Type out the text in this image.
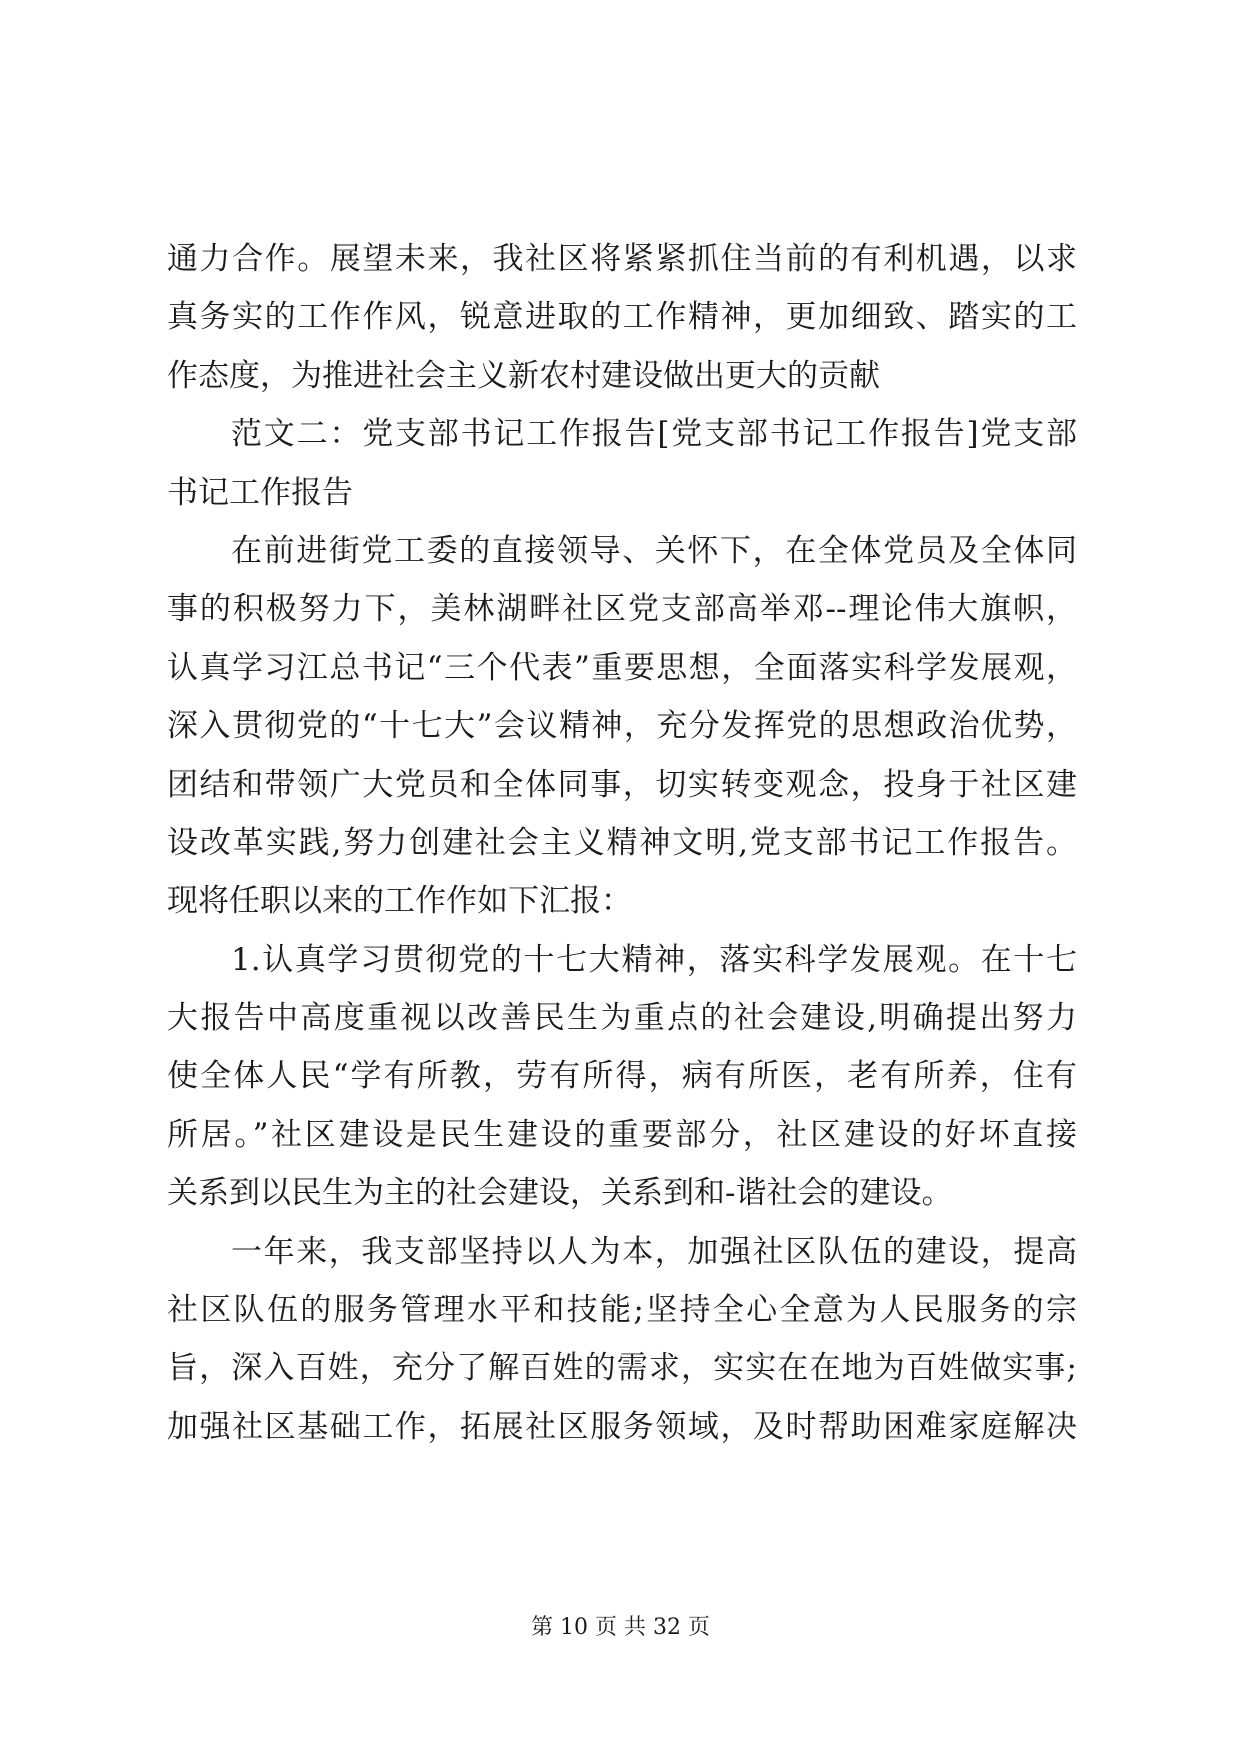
通力合作。展望未来，我社区将紧紧抓住当前的有利机遇，以求
真务实的工作作风，锐意进取的工作精神，更加细致、踏实的工
作态度，为推进社会主义新农村建设做出更大的贡献
范文二：党支部书记工作报告[党支部书记工作报告]党支部
书记工作报告
在前进街党工委的直接领导、关怀下，在全体党员及全体同
事的积极努力下，美林湖畔社区党支部高举邓--理论伟大旗帜，
认真学习江总书记“三个代表”重要思想，全面落实科学发展观，
深入贯彻党的“十七大”会议精神，充分发挥党的思想政治优势，
团结和带领广大党员和全体同事，切实转变观念，投身于社区建
设改革实践,努力创建社会主义精神文明,党支部书记工作报告。
现将任职以来的工作作如下汇报：
1.认真学习贯彻党的十七大精神，落实科学发展观。在十七
大报告中高度重视以改善民生为重点的社会建设,明确提出努力
使全体人民“学有所教，劳有所得，病有所医，老有所养，住有
所居。”社区建设是民生建设的重要部分，社区建设的好坏直接
关系到以民生为主的社会建设，关系到和-谐社会的建设。
一年来，我支部坚持以人为本，加强社区队伍的建设，提高
社区队伍的服务管理水平和技能;坚持全心全意为人民服务的宗
旨，深入百姓，充分了解百姓的需求，实实在在地为百姓做实事;
加强社区基础工作，拓展社区服务领域，及时帮助困难家庭解决
第 10 页 共 32 页
